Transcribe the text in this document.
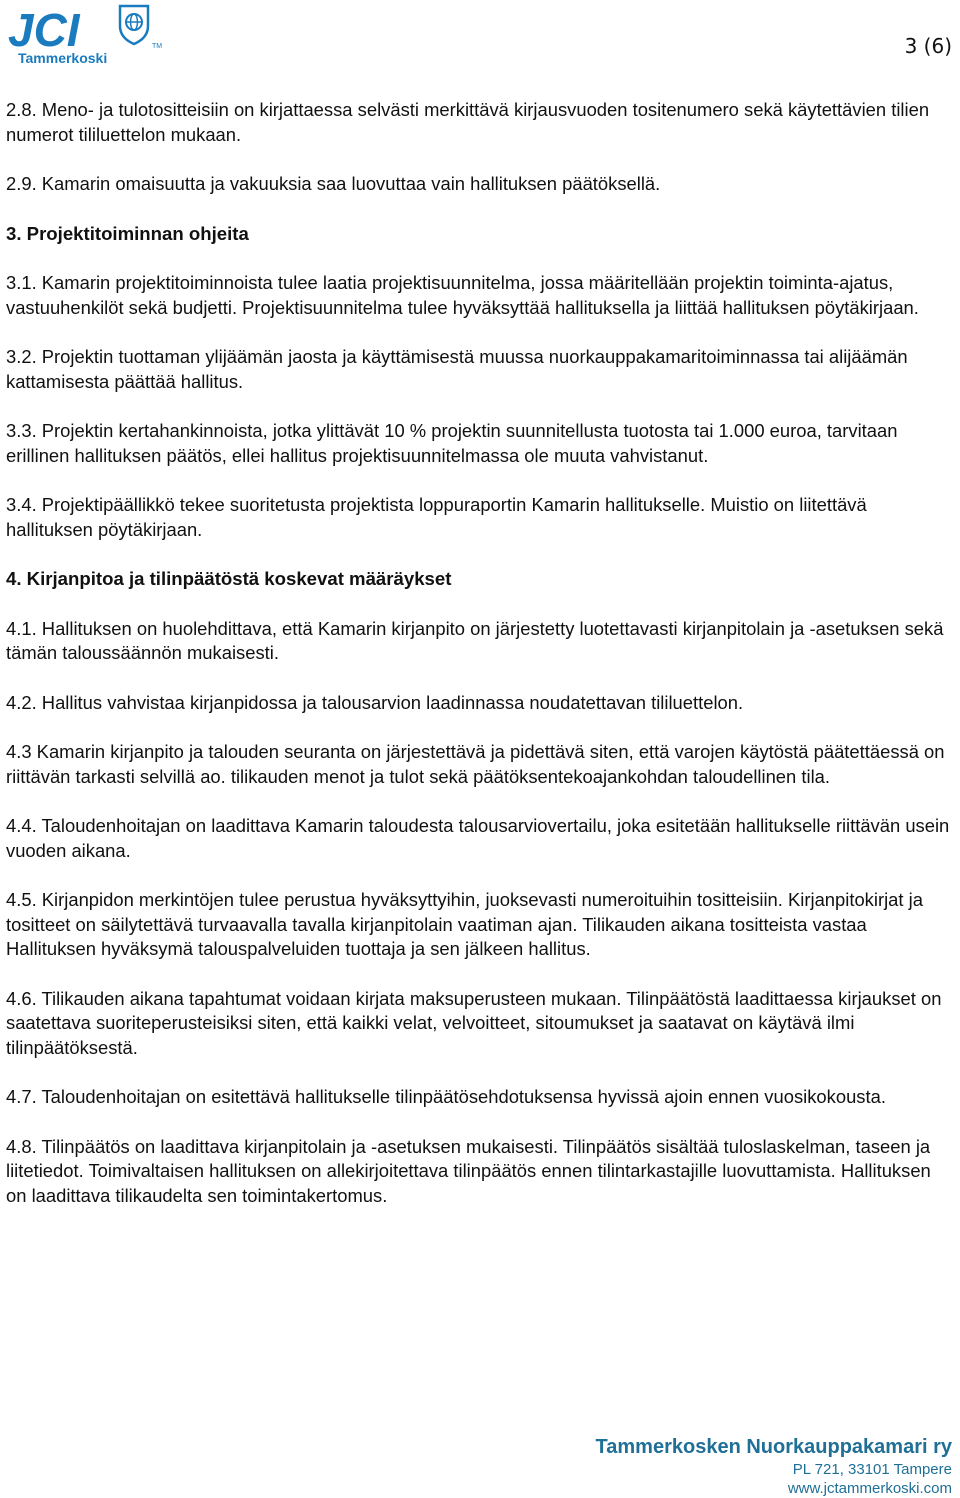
JCI
Tammerkoski
TM	3 (6)

2.8. Meno- ja tulotositteisiin on kirjattaessa selvästi merkittävä kirjausvuoden tositenumero sekä käytettävien tilien numerot tililuettelon mukaan.

2.9. Kamarin omaisuutta ja vakuuksia saa luovuttaa vain hallituksen päätöksellä.

3. Projektitoiminnan ohjeita

3.1. Kamarin projektitoiminnoista tulee laatia projektisuunnitelma, jossa määritellään projektin toiminta-ajatus, vastuuhenkilöt sekä budjetti. Projektisuunnitelma tulee hyväksyttää hallituksella ja liittää hallituksen pöytäkirjaan.

3.2. Projektin tuottaman ylijäämän jaosta ja käyttämisestä muussa nuorkauppakamaritoiminnassa tai alijäämän kattamisesta päättää hallitus.

3.3. Projektin kertahankinnoista, jotka ylittävät 10 % projektin suunnitellusta tuotosta tai 1.000 euroa, tarvitaan erillinen hallituksen päätös, ellei hallitus projektisuunnitelmassa ole muuta vahvistanut.

3.4. Projektipäällikkö tekee suoritetusta projektista loppuraportin Kamarin hallitukselle. Muistio on liitettävä hallituksen pöytäkirjaan.

4. Kirjanpitoa ja tilinpäätöstä koskevat määräykset

4.1. Hallituksen on huolehdittava, että Kamarin kirjanpito on järjestetty luotettavasti kirjanpitolain ja -asetuksen sekä tämän taloussäännön mukaisesti.

4.2. Hallitus vahvistaa kirjanpidossa ja talousarvion laadinnassa noudatettavan tililuettelon.

4.3 Kamarin kirjanpito ja talouden seuranta on järjestettävä ja pidettävä siten, että varojen käytöstä päätettäessä on riittävän tarkasti selvillä ao. tilikauden menot ja tulot sekä päätöksentekoajankohdan taloudellinen tila.

4.4. Taloudenhoitajan on laadittava Kamarin taloudesta talousarviovertailu, joka esitetään hallitukselle riittävän usein vuoden aikana.

4.5. Kirjanpidon merkintöjen tulee perustua hyväksyttyihin, juoksevasti numeroituihin tositteisiin. Kirjanpitokirjat ja tositteet on säilytettävä turvaavalla tavalla kirjanpitolain vaatiman ajan. Tilikauden aikana tositteista vastaa Hallituksen hyväksymä talouspalveluiden tuottaja ja sen jälkeen hallitus.

4.6. Tilikauden aikana tapahtumat voidaan kirjata maksuperusteen mukaan. Tilinpäätöstä laadittaessa kirjaukset on saatettava suoriteperusteisiksi siten, että kaikki velat, velvoitteet, sitoumukset ja saatavat on käytävä ilmi tilinpäätöksestä.

4.7. Taloudenhoitajan on esitettävä hallitukselle tilinpäätösehdotuksensa hyvissä ajoin ennen vuosikokousta.

4.8. Tilinpäätös on laadittava kirjanpitolain ja -asetuksen mukaisesti. Tilinpäätös sisältää tuloslaskelman, taseen ja liitetiedot. Toimivaltaisen hallituksen on allekirjoitettava tilinpäätös ennen tilintarkastajille luovuttamista. Hallituksen on laadittava tilikaudelta sen toimintakertomus.

Tammerkosken Nuorkauppakamari ry
PL 721, 33101 Tampere
www.jctammerkoski.com
